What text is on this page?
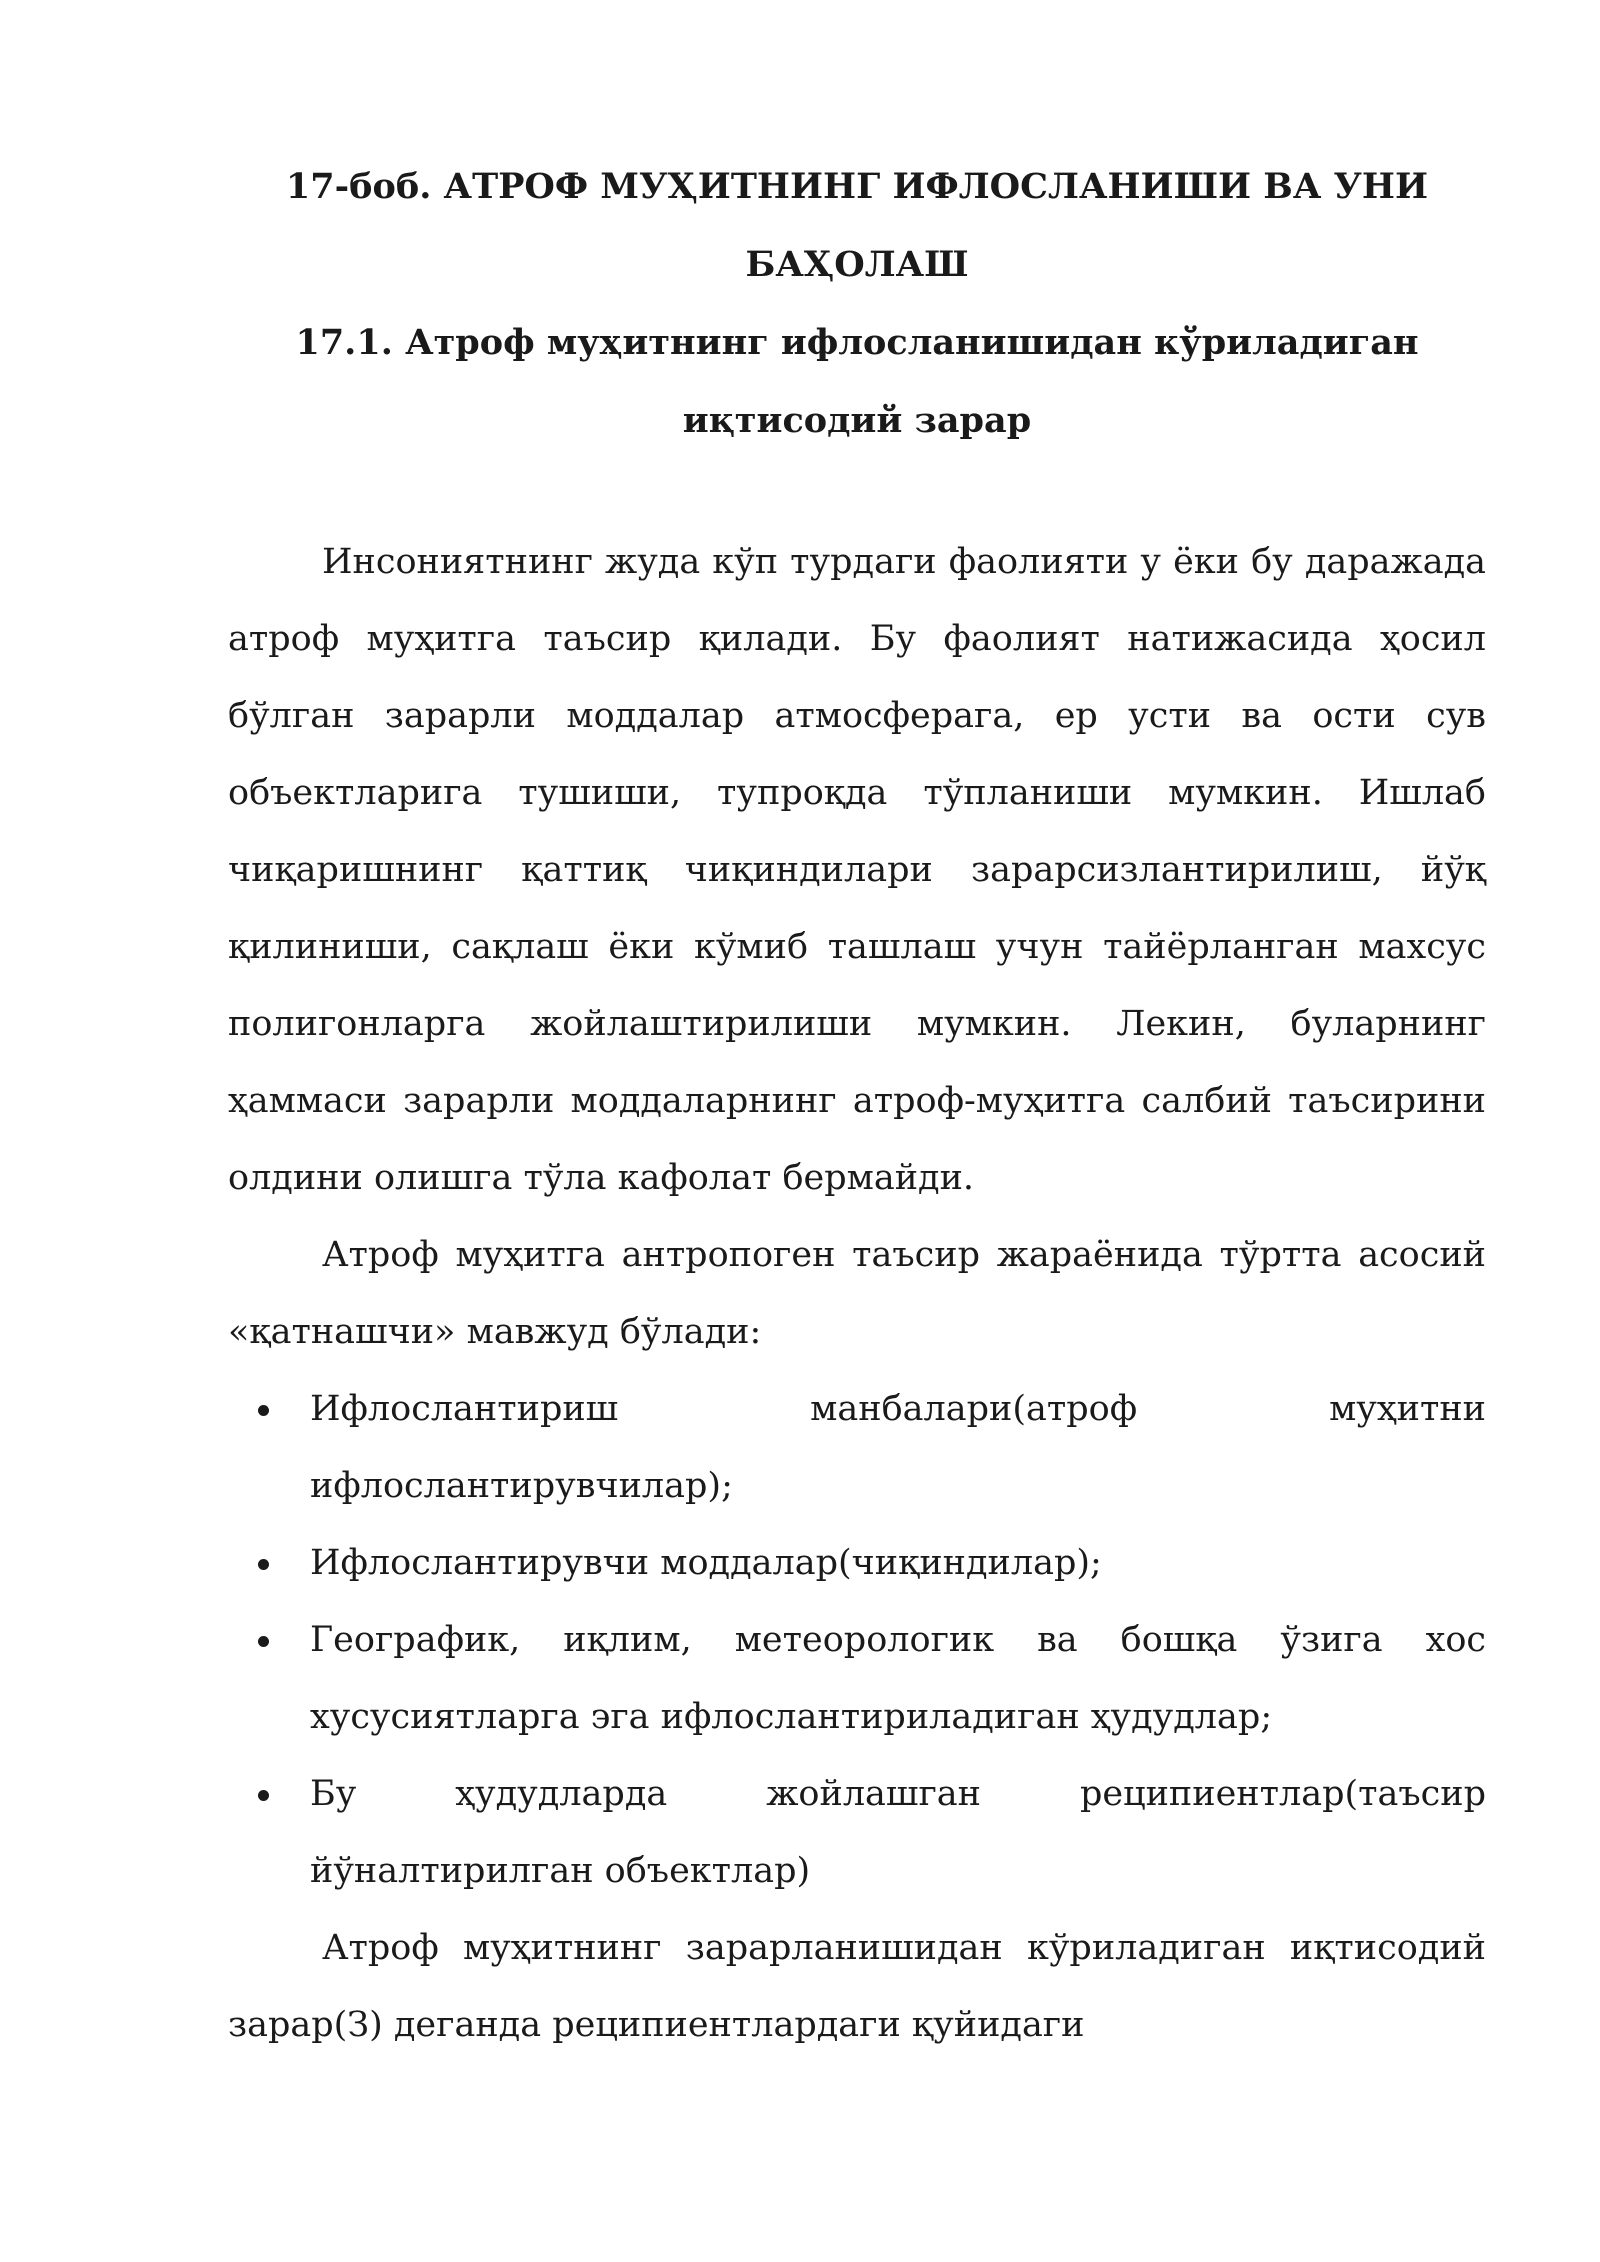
17-боб. АТРОФ МУҲИТНИНГ ИФЛОСЛАНИШИ ВА УНИ БАҲОЛАШ
17.1. Атроф муҳитнинг ифлосланишидан кўриладиган иқтисодий зарар

Инсониятнинг жуда кўп турдаги фаолияти у ёки бу даражада атроф муҳитга таъсир қилади. Бу фаолият натижасида ҳосил бўлган зарарли моддалар атмосферага, ер усти ва ости сув объектларига тушиши, тупроқда тўпланиши мумкин. Ишлаб чиқаришнинг қаттиқ чиқиндилари зарарсизлантирилиш, йўқ қилиниши, сақлаш ёки кўмиб ташлаш учун тайёрланган махсус полигонларга жойлаштирилиши мумкин. Лекин, буларнинг ҳаммаси зарарли моддаларнинг атроф-муҳитга салбий таъсирини олдини олишга тўла кафолат бермайди.

Атроф муҳитга антропоген таъсир жараёнида тўртта асосий «қатнашчи» мавжуд бўлади:

Ифлослантириш манбалари(атроф муҳитни ифлослантирувчилар);
Ифлослантирувчи моддалар(чиқиндилар);
Географик, иқлим, метеорологик ва бошқа ўзига хос хусусиятларга эга ифлослантириладиган ҳудудлар;
Бу ҳудудларда жойлашган реципиентлар(таъсир йўналтирилган объектлар)

Атроф муҳитнинг зарарланишидан кўриладиган иқтисодий зарар(З) деганда реципиентлардаги қуйидаги
